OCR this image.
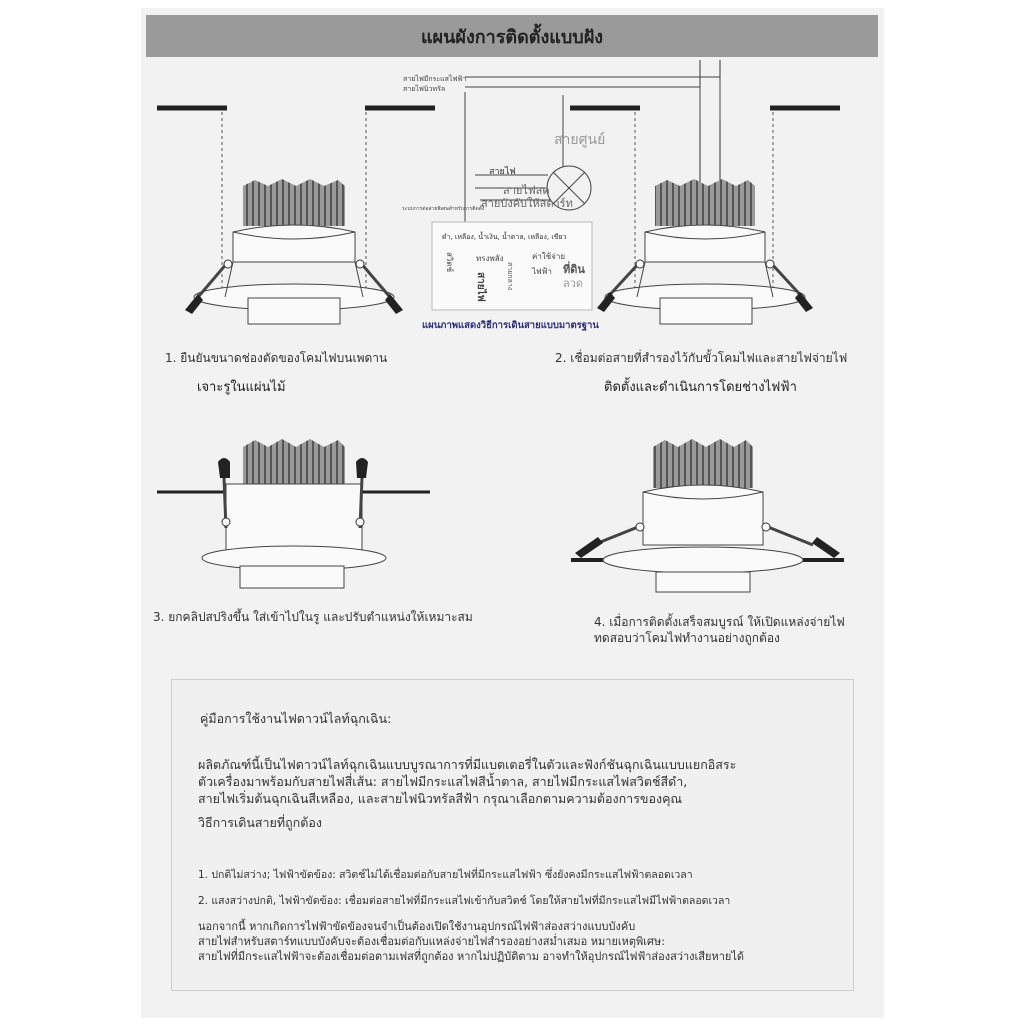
แผนผังการติดตั้งแบบฝัง
สายไฟมีกระแสไฟฟ้า
สายไฟนิวทรัล
สายศูนย์
สายไฟ
สายไฟสด
สายบังคับให้สตาร์ท
ระบบการต่อสายพิเศษสำหรับการติดตั้ง
ดำ, เหลือง, น้ำเงิน, น้ำตาล, เหลือง, เขียว
สวิตช์	ทรงพลัง	ค่าใช้จ่าย
ไฟฟ้า ที่ดิน
ลวด
สายไฟ	สายกลาง
แผนภาพแสดงวิธีการเดินสายแบบมาตรฐาน
1. ยืนยันขนาดช่องตัดของโคมไฟบนเพดาน
เจาะรูในแผ่นไม้
2. เชื่อมต่อสายที่สำรองไว้กับขั้วโคมไฟและสายไฟจ่ายไฟ
ติดตั้งและดำเนินการโดยช่างไฟฟ้า
3. ยกคลิปสปริงขึ้น ใส่เข้าไปในรู และปรับตำแหน่งให้เหมาะสม	4. เมื่อการติดตั้งเสร็จสมบูรณ์ ให้เปิดแหล่งจ่ายไฟ
ทดสอบว่าโคมไฟทำงานอย่างถูกต้อง
คู่มือการใช้งานไฟดาวน์ไลท์ฉุกเฉิน:
ผลิตภัณฑ์นี้เป็นไฟดาวน์ไลท์ฉุกเฉินแบบบูรณาการที่มีแบตเตอรี่ในตัวและฟังก์ชันฉุกเฉินแบบแยกอิสระ
ตัวเครื่องมาพร้อมกับสายไฟสี่เส้น: สายไฟมีกระแสไฟสีน้ำตาล, สายไฟมีกระแสไฟสวิตช์สีดำ,
สายไฟเริ่มต้นฉุกเฉินสีเหลือง, และสายไฟนิวทรัลสีฟ้า กรุณาเลือกตามความต้องการของคุณ
วิธีการเดินสายที่ถูกต้อง
1. ปกติไม่สว่าง; ไฟฟ้าขัดข้อง: สวิตช์ไม่ได้เชื่อมต่อกับสายไฟที่มีกระแสไฟฟ้า ซึ่งยังคงมีกระแสไฟฟ้าตลอดเวลา
2. แสงสว่างปกติ, ไฟฟ้าขัดข้อง: เชื่อมต่อสายไฟที่มีกระแสไฟเข้ากับสวิตช์ โดยให้สายไฟที่มีกระแสไฟมีไฟฟ้าตลอดเวลา
นอกจากนี้ หากเกิดการไฟฟ้าขัดข้องจนจำเป็นต้องเปิดใช้งานอุปกรณ์ไฟฟ้าส่องสว่างแบบบังคับ
สายไฟสำหรับสตาร์ทแบบบังคับจะต้องเชื่อมต่อกับแหล่งจ่ายไฟสำรองอย่างสม่ำเสมอ หมายเหตุพิเศษ:
สายไฟที่มีกระแสไฟฟ้าจะต้องเชื่อมต่อตามเฟสที่ถูกต้อง หากไม่ปฏิบัติตาม อาจทำให้อุปกรณ์ไฟฟ้าส่องสว่างเสียหายได้
